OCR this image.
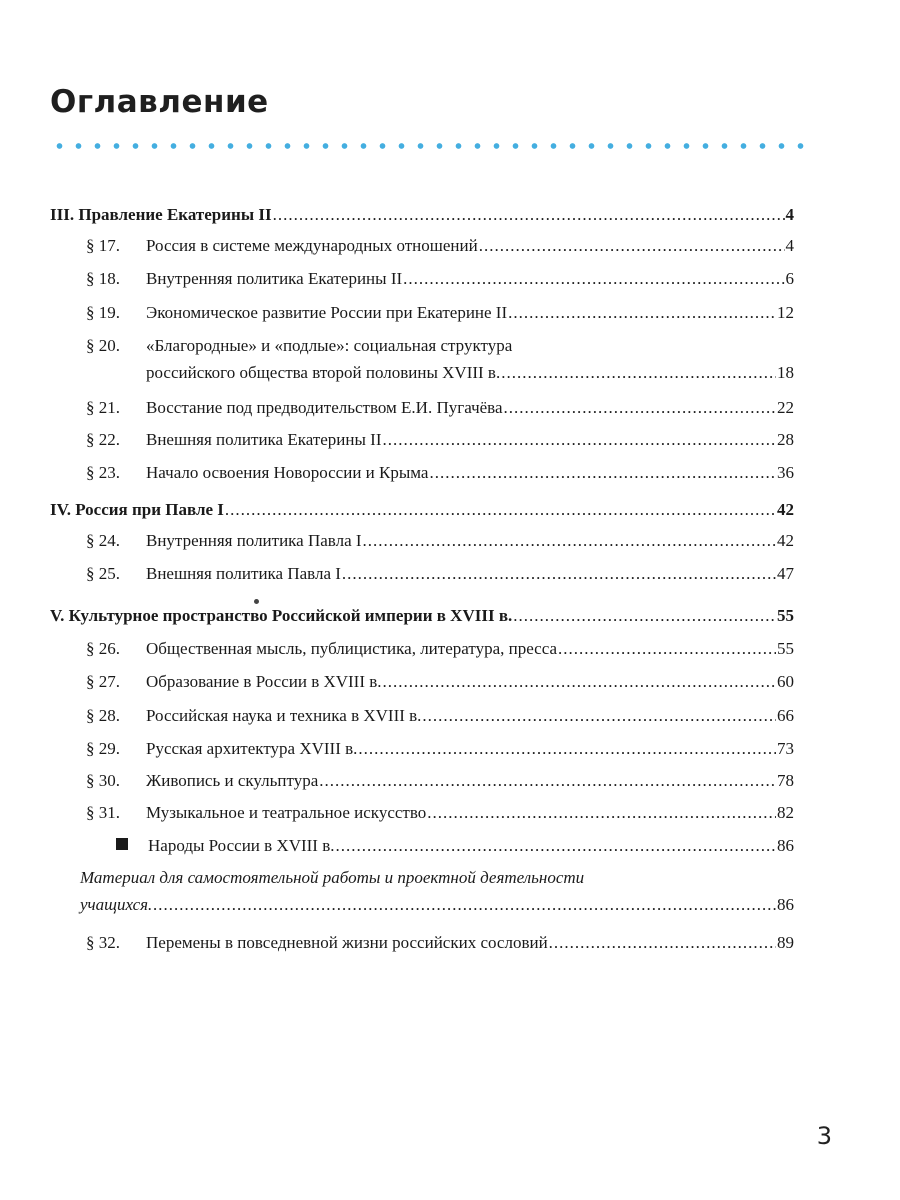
Оглавление
III. Правление Екатерины II .....	4
§ 17.	Россия в системе международных отношений .....	4
§ 18.	Внутренняя политика Екатерины II .....	6
§ 19.	Экономическое развитие России при Екатерине II .....	12
§ 20.	«Благородные» и «подлые»: социальная структура
российского общества второй половины XVIII в. .....	18
§ 21.	Восстание под предводительством Е.И. Пугачёва .....	22
§ 22.	Внешняя политика Екатерины II .....	28
§ 23.	Начало освоения Новороссии и Крыма .....	36
IV. Россия при Павле I .....	42
§ 24.	Внутренняя политика Павла I .....	42
§ 25.	Внешняя политика Павла I .....	47
V. Культурное пространство Российской империи в XVIII в. .....	55
§ 26.	Общественная мысль, публицистика, литература, пресса .....	55
§ 27.	Образование в России в XVIII в. .....	60
§ 28.	Российская наука и техника в XVIII в. .....	66
§ 29.	Русская архитектура XVIII в. .....	73
§ 30.	Живопись и скульптура .....	78
§ 31.	Музыкальное и театральное искусство .....	82
Народы России в XVIII в. .....	86
Материал для самостоятельной работы и проектной деятельности
учащихся. .....	86
§ 32.	Перемены в повседневной жизни российских сословий .....	89
3
